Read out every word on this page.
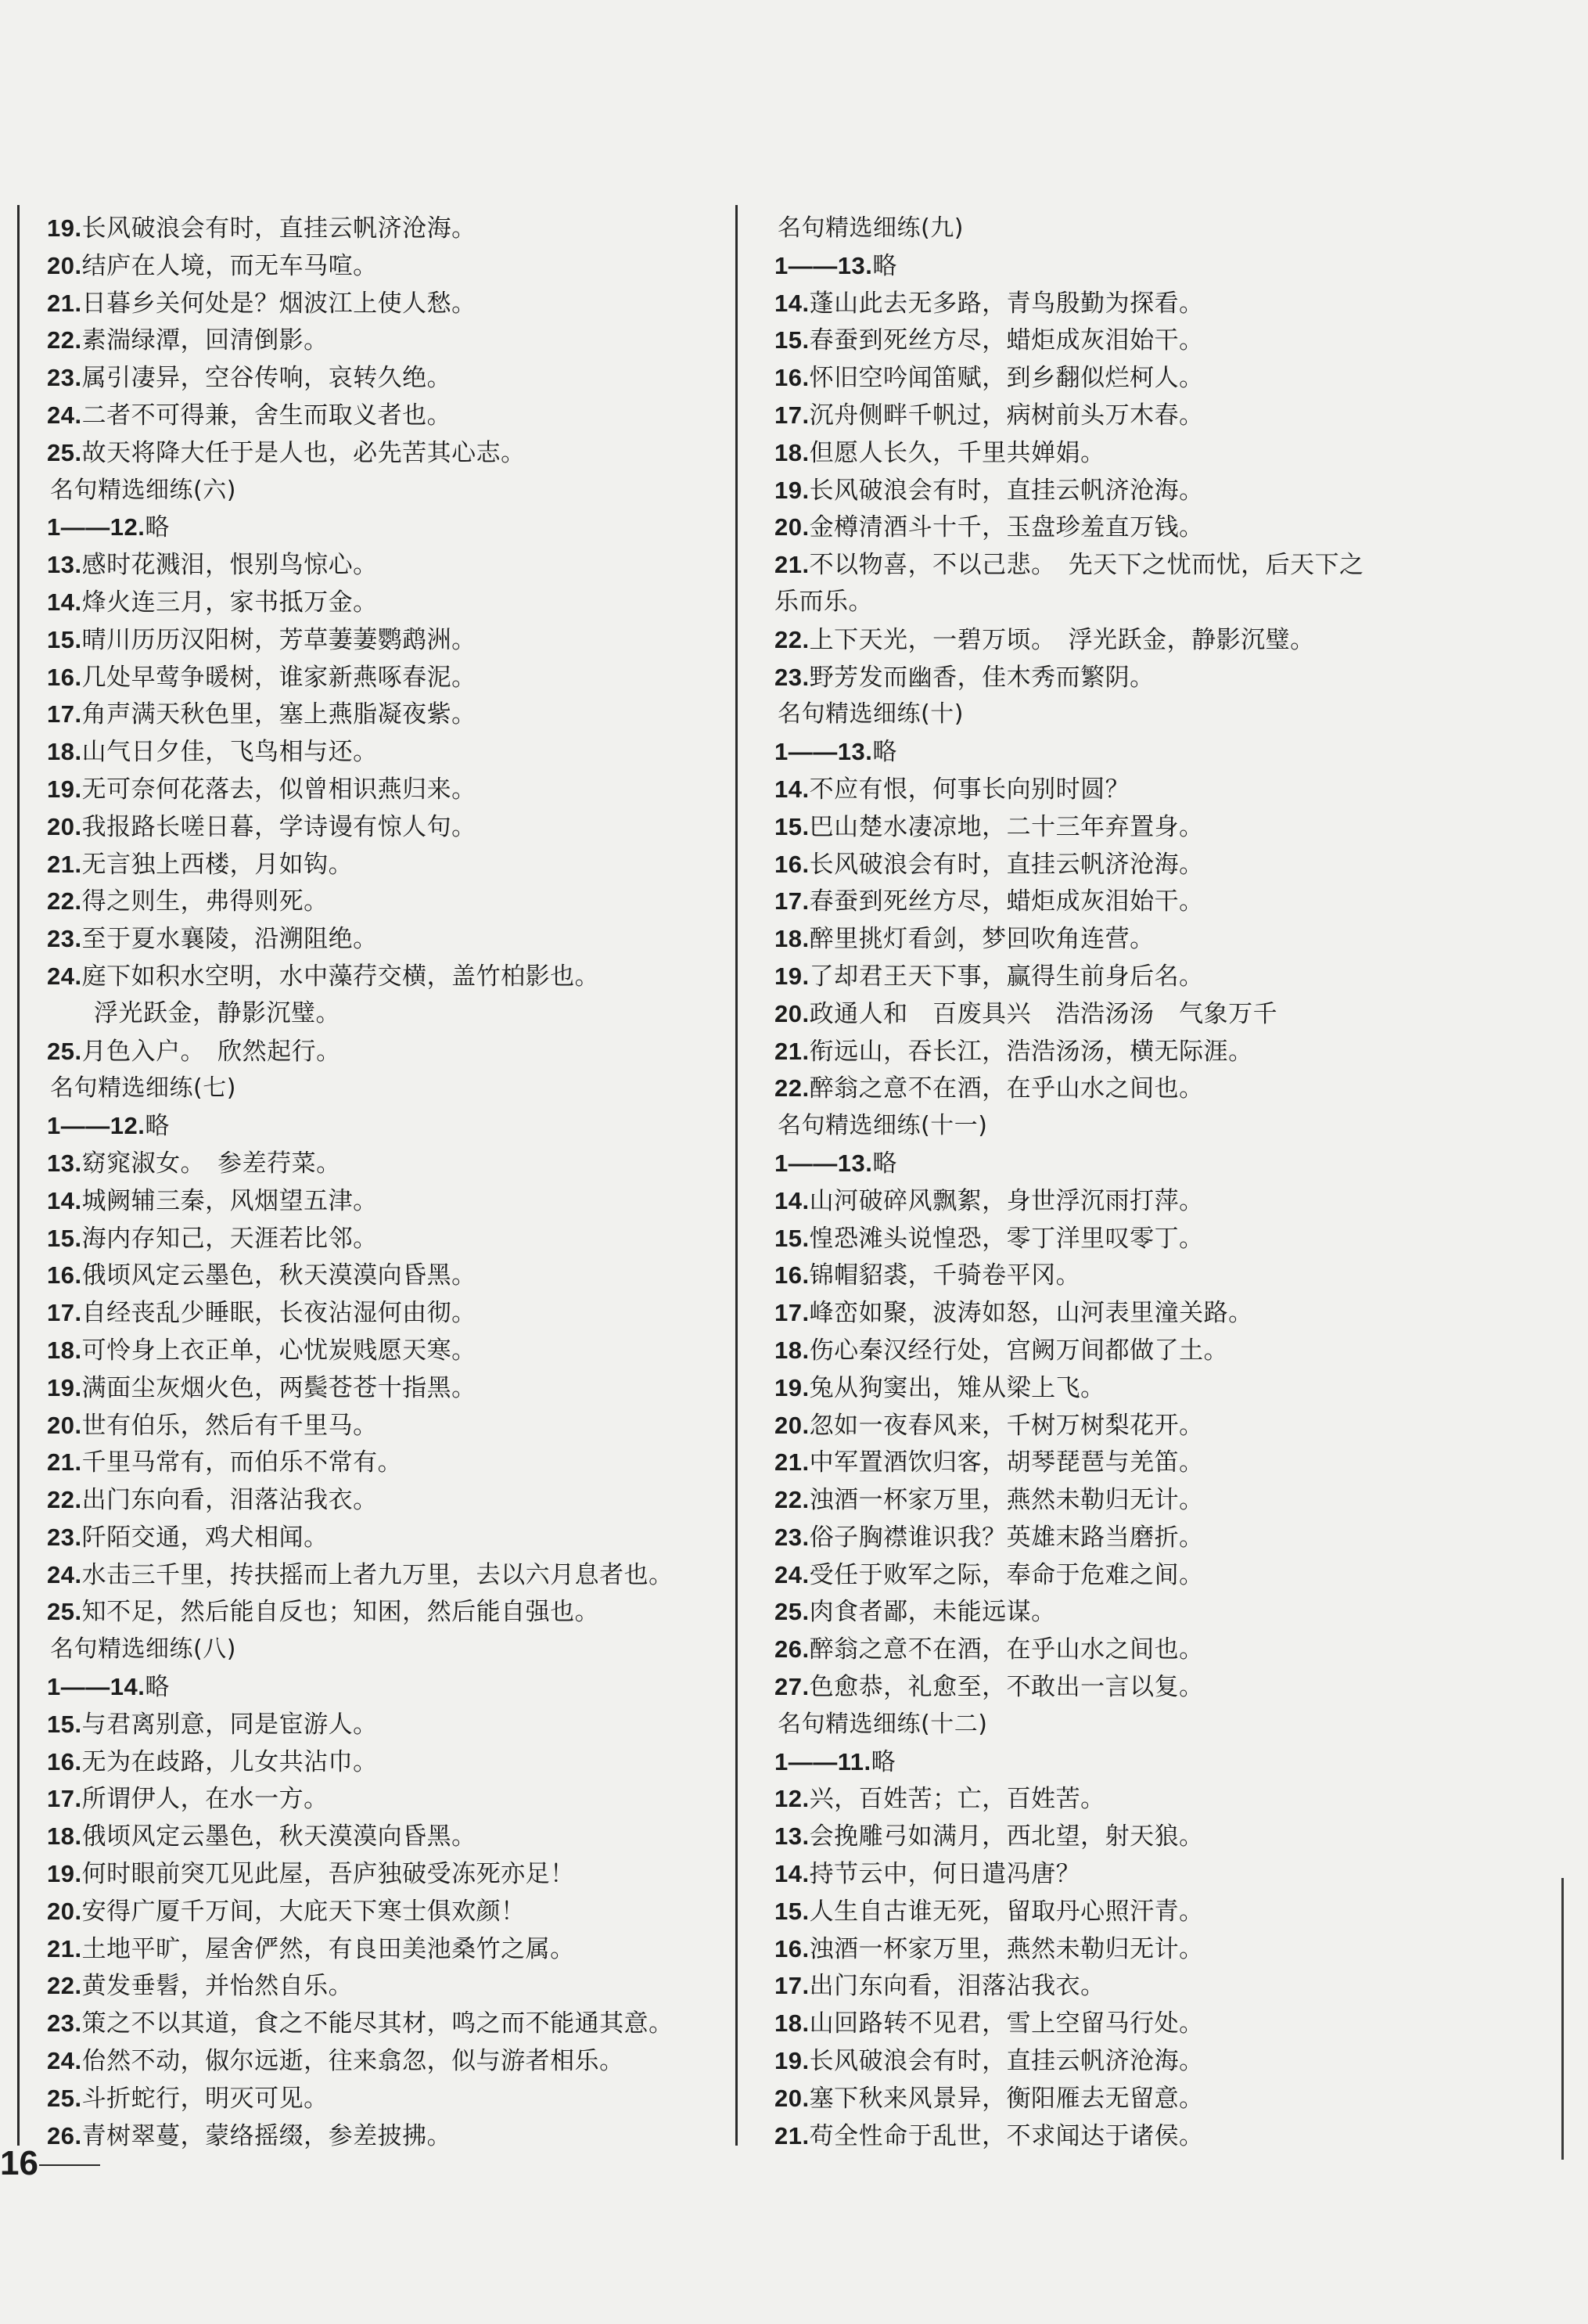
19.长风破浪会有时，直挂云帆济沧海。
20.结庐在人境，而无车马喧。
21.日暮乡关何处是？烟波江上使人愁。
22.素湍绿潭，回清倒影。
23.属引凄异，空谷传响，哀转久绝。
24.二者不可得兼，舍生而取义者也。
25.故天将降大任于是人也，必先苦其心志。
名句精选细练(六)
1——12.略
13.感时花溅泪，恨别鸟惊心。
14.烽火连三月，家书抵万金。
15.晴川历历汉阳树，芳草萋萋鹦鹉洲。
16.几处早莺争暖树，谁家新燕啄春泥。
17.角声满天秋色里，塞上燕脂凝夜紫。
18.山气日夕佳，飞鸟相与还。
19.无可奈何花落去，似曾相识燕归来。
20.我报路长嗟日暮，学诗谩有惊人句。
21.无言独上西楼，月如钩。
22.得之则生，弗得则死。
23.至于夏水襄陵，沿溯阻绝。
24.庭下如积水空明，水中藻荇交横，盖竹柏影也。
浮光跃金，静影沉璧。
25.月色入户。　欣然起行。
名句精选细练(七)
1——12.略
13.窈窕淑女。　参差荇菜。
14.城阙辅三秦，风烟望五津。
15.海内存知己，天涯若比邻。
16.俄顷风定云墨色，秋天漠漠向昏黑。
17.自经丧乱少睡眠，长夜沾湿何由彻。
18.可怜身上衣正单，心忧炭贱愿天寒。
19.满面尘灰烟火色，两鬓苍苍十指黑。
20.世有伯乐，然后有千里马。
21.千里马常有，而伯乐不常有。
22.出门东向看，泪落沾我衣。
23.阡陌交通，鸡犬相闻。
24.水击三千里，抟扶摇而上者九万里，去以六月息者也。
25.知不足，然后能自反也；知困，然后能自强也。
名句精选细练(八)
1——14.略
15.与君离别意，同是宦游人。
16.无为在歧路，儿女共沾巾。
17.所谓伊人，在水一方。
18.俄顷风定云墨色，秋天漠漠向昏黑。
19.何时眼前突兀见此屋，吾庐独破受冻死亦足！
20.安得广厦千万间，大庇天下寒士俱欢颜！
21.土地平旷，屋舍俨然，有良田美池桑竹之属。
22.黄发垂髫，并怡然自乐。
23.策之不以其道，食之不能尽其材，鸣之而不能通其意。
24.佁然不动，俶尔远逝，往来翕忽，似与游者相乐。
25.斗折蛇行，明灭可见。
26.青树翠蔓，蒙络摇缀，参差披拂。
名句精选细练(九)
1——13.略
14.蓬山此去无多路，青鸟殷勤为探看。
15.春蚕到死丝方尽，蜡炬成灰泪始干。
16.怀旧空吟闻笛赋，到乡翻似烂柯人。
17.沉舟侧畔千帆过，病树前头万木春。
18.但愿人长久，千里共婵娟。
19.长风破浪会有时，直挂云帆济沧海。
20.金樽清酒斗十千，玉盘珍羞直万钱。
21.不以物喜，不以己悲。　先天下之忧而忧，后天下之
乐而乐。
22.上下天光，一碧万顷。　浮光跃金，静影沉璧。
23.野芳发而幽香，佳木秀而繁阴。
名句精选细练(十)
1——13.略
14.不应有恨，何事长向别时圆？
15.巴山楚水凄凉地，二十三年弃置身。
16.长风破浪会有时，直挂云帆济沧海。
17.春蚕到死丝方尽，蜡炬成灰泪始干。
18.醉里挑灯看剑，梦回吹角连营。
19.了却君王天下事，赢得生前身后名。
20.政通人和　百废具兴　浩浩汤汤　气象万千
21.衔远山，吞长江，浩浩汤汤，横无际涯。
22.醉翁之意不在酒，在乎山水之间也。
名句精选细练(十一)
1——13.略
14.山河破碎风飘絮，身世浮沉雨打萍。
15.惶恐滩头说惶恐，零丁洋里叹零丁。
16.锦帽貂裘，千骑卷平冈。
17.峰峦如聚，波涛如怒，山河表里潼关路。
18.伤心秦汉经行处，宫阙万间都做了土。
19.兔从狗窦出，雉从梁上飞。
20.忽如一夜春风来，千树万树梨花开。
21.中军置酒饮归客，胡琴琵琶与羌笛。
22.浊酒一杯家万里，燕然未勒归无计。
23.俗子胸襟谁识我？英雄末路当磨折。
24.受任于败军之际，奉命于危难之间。
25.肉食者鄙，未能远谋。
26.醉翁之意不在酒，在乎山水之间也。
27.色愈恭，礼愈至，不敢出一言以复。
名句精选细练(十二)
1——11.略
12.兴，百姓苦；亡，百姓苦。
13.会挽雕弓如满月，西北望，射天狼。
14.持节云中，何日遣冯唐？
15.人生自古谁无死，留取丹心照汗青。
16.浊酒一杯家万里，燕然未勒归无计。
17.出门东向看，泪落沾我衣。
18.山回路转不见君，雪上空留马行处。
19.长风破浪会有时，直挂云帆济沧海。
20.塞下秋来风景异，衡阳雁去无留意。
21.苟全性命于乱世，不求闻达于诸侯。
16
